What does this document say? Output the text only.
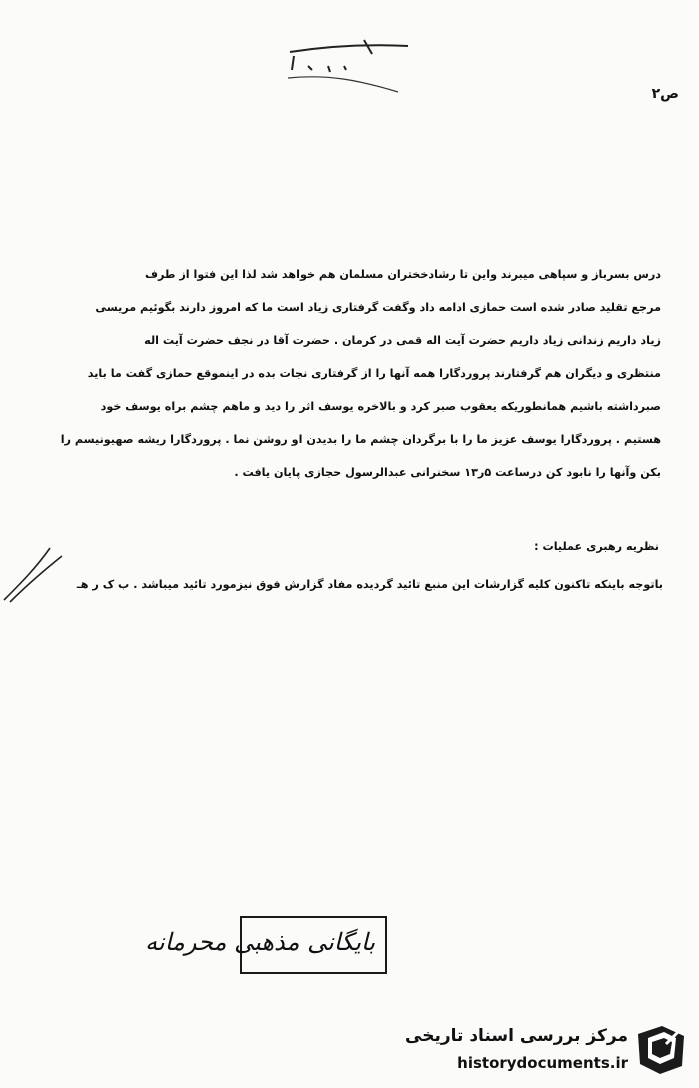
ص۲
درس بسرباز و سپاهی میبرند واین تا رشادخختران مسلمان هم خواهد شد لذا این فتوا از طرف
مرجع تقلید صادر شده است حمازی ادامه داد وگفت گرفتاری زیاد است ما که امروز دارند بگوئیم مریسی
زیاد داریم زندانی زیاد داریم حضرت آیت اله قمی در کرمان . حضرت آقا در نجف حضرت آیت اله
منتظری و دیگران هم گرفتارند پروردگارا همه آنها را از گرفتاری نجات بده در اینموقع حمازی گفت ما باید
صبرداشته باشیم همانطوریکه یعقوب صبر کرد و بالاخره یوسف اثر را دید و ماهم چشم براه یوسف خود
هستیم . پروردگارا یوسف عزیز ما را با برگردان چشم ما را بدیدن او روشن نما . پروردگارا ریشه صهیونیسم را
بکن وآنها را نابود کن درساعت ۵ر۱۳ سخنرانی عبدالرسول حجازی پایان یافت .
نظریه رهبری عملیات :
باتوجه باینکه تاکنون کلیه گزارشات این منبع تائید گردیده مفاد گزارش فوق نیزمورد تائید میباشد . ب ک ر هـ
بایگانی مذهبی محرمانه
مرکز بررسی اسناد تاریخی
historydocuments.ir
